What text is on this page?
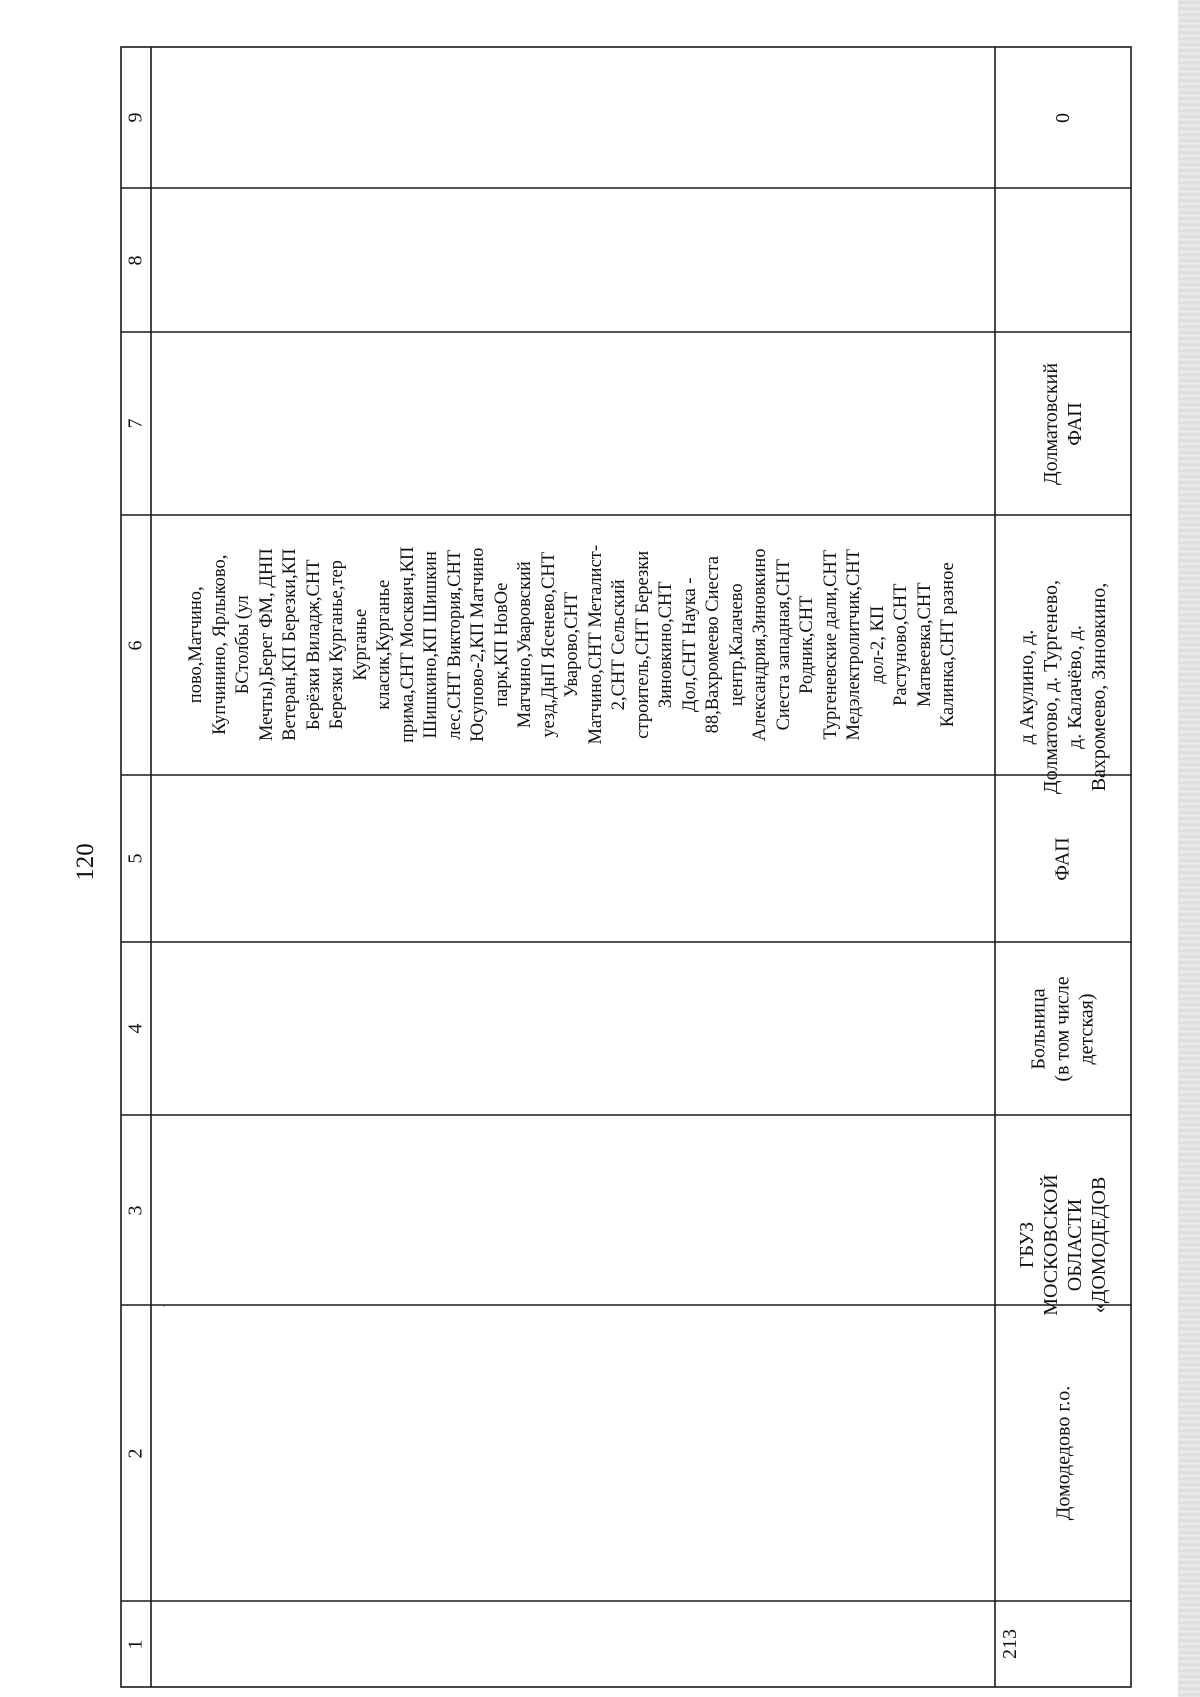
120
9
8
7
6
5
4
3
2
1
пово,Матчино, Купчинино, Ярлыково, БСтолбы (ул Мечты),Берег ФМ, ДНП Ветеран,КП Березки,КП Берёзки Виладж,СНТ Березки Курганье,тер Курганье класик,Курганье прима,СНТ Москвич,КП Шишкино,КП Шишкин лес,СНТ Виктория,СНТ Юсупово-2,КП Матчино парк,КП НовОе Матчино,Уваровский уезд,ДнП Ясенево,СНТ Уварово,СНТ Матчино,СНТ Металист- 2,СНТ Сельский строитель,СНТ Березки Зиновкино,СНТ Дол,СНТ Наука - 88,Вахромеево Сиеста центр,Калачево Александрия,Зиновкино Сиеста западная,СНТ Родник,СНТ Тургеневские дали,СНТ Медэлектролитчик,СНТ дол-2, КП Растуново,СНТ Матвеевка,СНТ Калинка,СНТ разное
0
Долматовский ФАП
д Акулино, д. Долматово, д. Тургенево, д. Калачёво, д. Вахромеево, Зиновкино,
ФАП
Больница (в том числе детская)
ГБУЗ МОСКОВСКОЙ ОБЛАСТИ «ДОМОДЕДОВ
Домодедово г.о.
213
